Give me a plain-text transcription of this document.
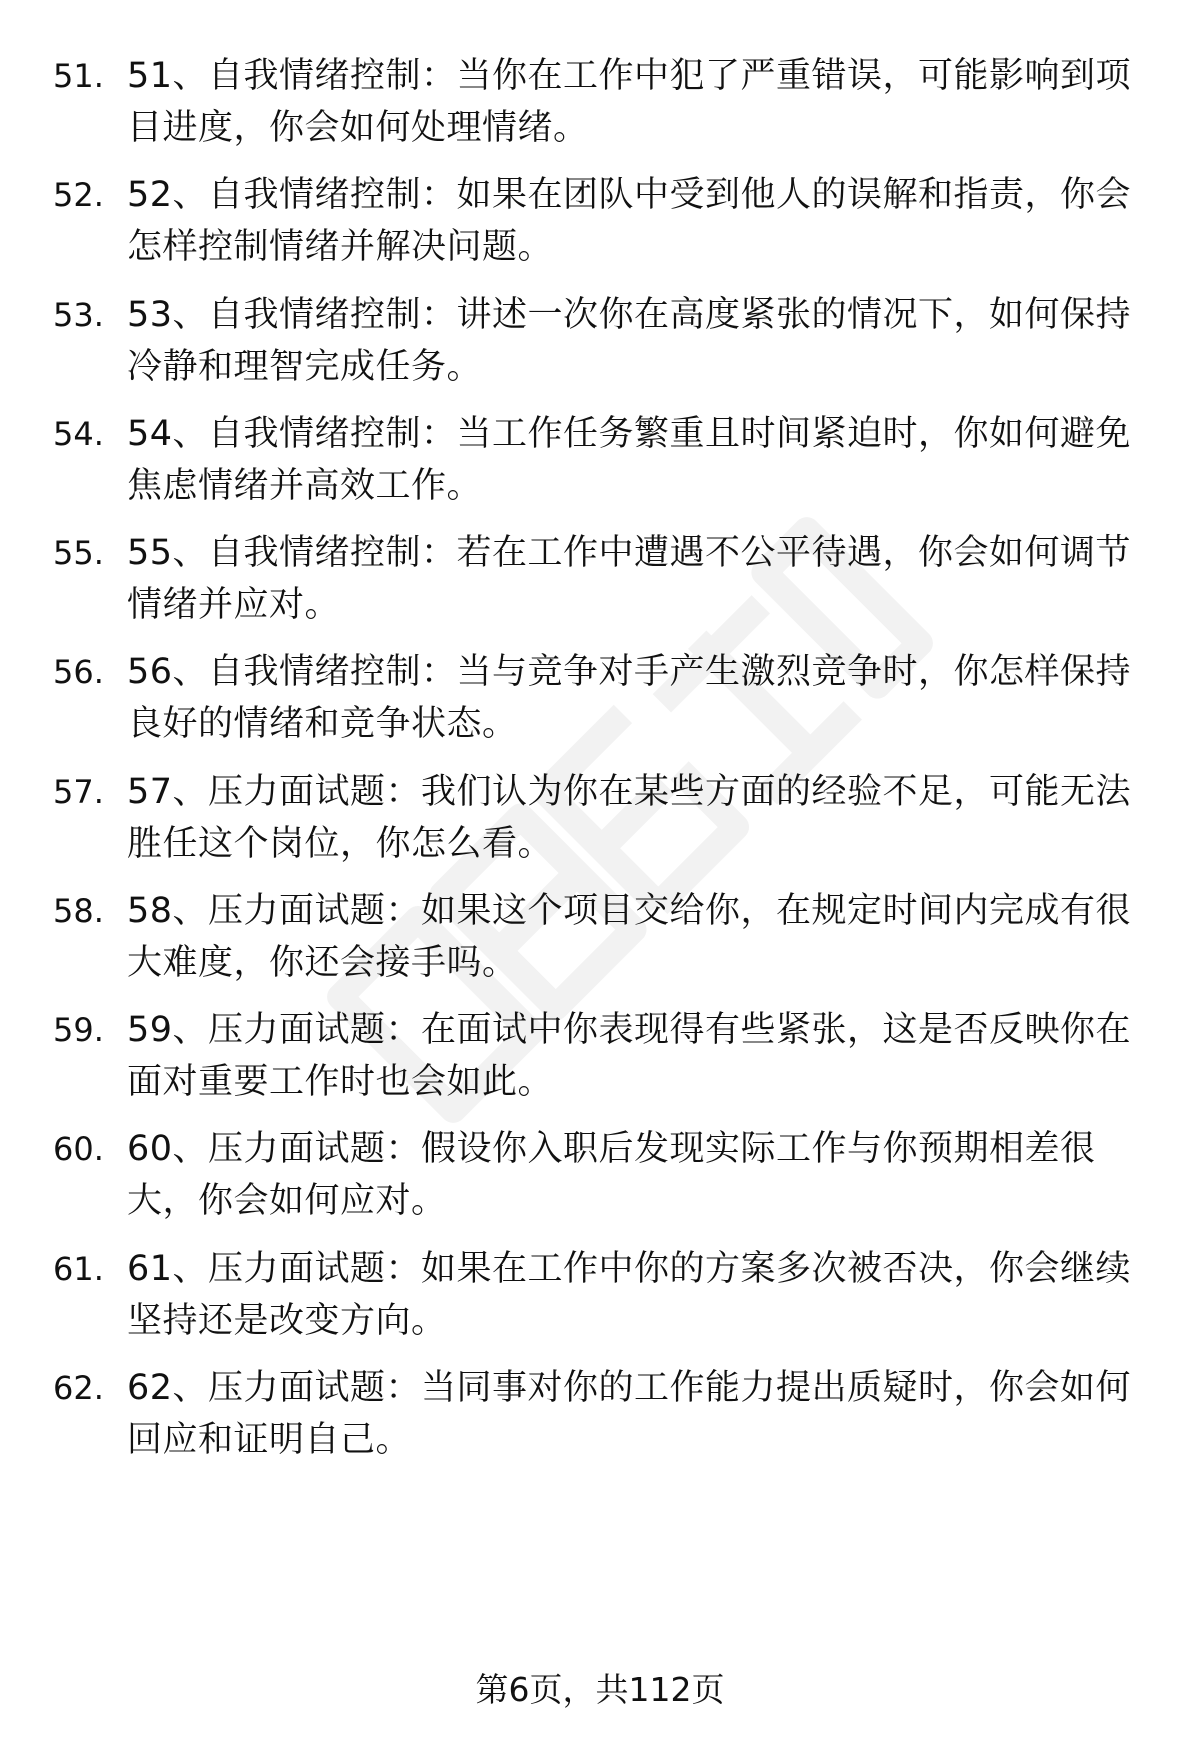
51. 51、自我情绪控制：当你在工作中犯了严重错误，可能影响到项目进度，你会如何处理情绪。
52. 52、自我情绪控制：如果在团队中受到他人的误解和指责，你会怎样控制情绪并解决问题。
53. 53、自我情绪控制：讲述一次你在高度紧张的情况下，如何保持冷静和理智完成任务。
54. 54、自我情绪控制：当工作任务繁重且时间紧迫时，你如何避免焦虑情绪并高效工作。
55. 55、自我情绪控制：若在工作中遭遇不公平待遇，你会如何调节情绪并应对。
56. 56、自我情绪控制：当与竞争对手产生激烈竞争时，你怎样保持良好的情绪和竞争状态。
57. 57、压力面试题：我们认为你在某些方面的经验不足，可能无法胜任这个岗位，你怎么看。
58. 58、压力面试题：如果这个项目交给你，在规定时间内完成有很大难度，你还会接手吗。
59. 59、压力面试题：在面试中你表现得有些紧张，这是否反映你在面对重要工作时也会如此。
60. 60、压力面试题：假设你入职后发现实际工作与你预期相差很大，你会如何应对。
61. 61、压力面试题：如果在工作中你的方案多次被否决，你会继续坚持还是改变方向。
62. 62、压力面试题：当同事对你的工作能力提出质疑时，你会如何回应和证明自己。
第6页，共112页
